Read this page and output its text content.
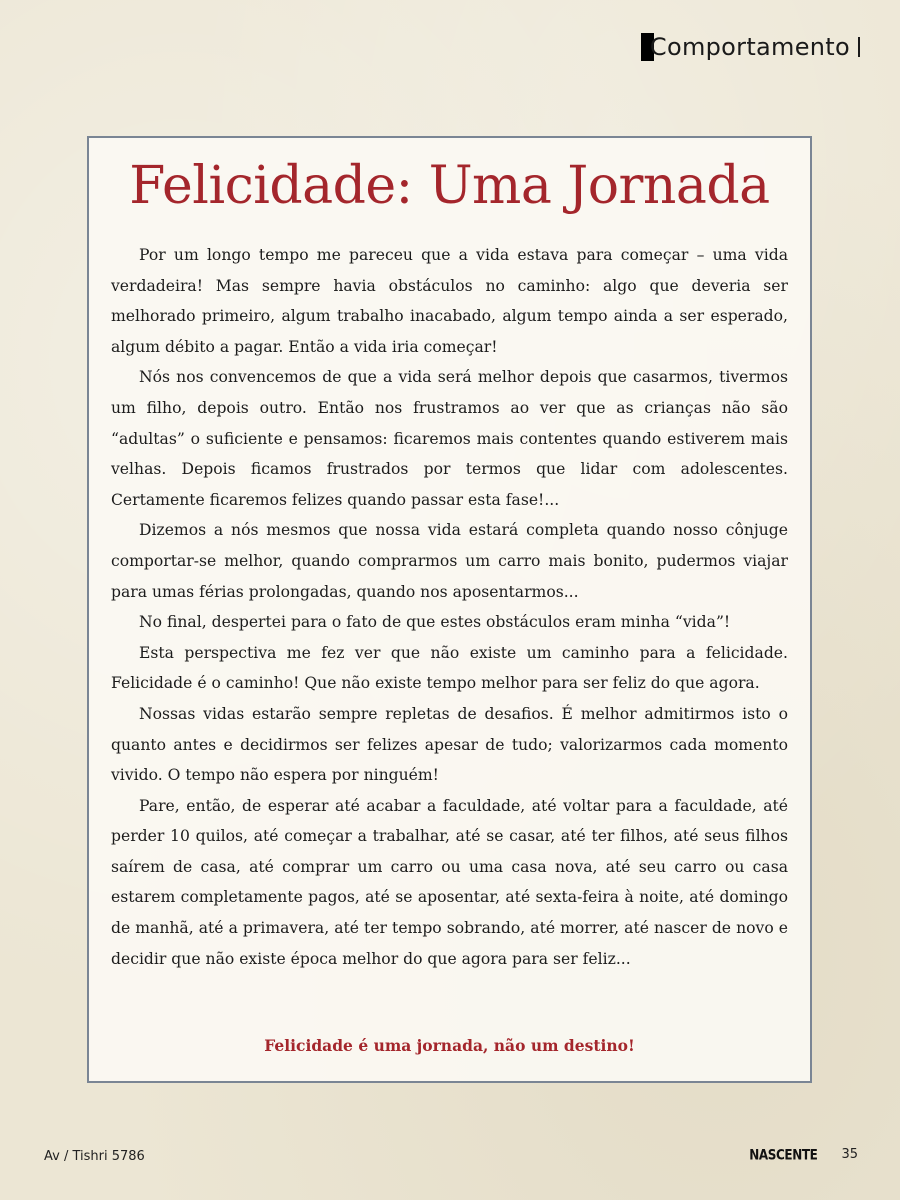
Comportamento
Felicidade: Uma Jornada

Por um longo tempo me pareceu que a vida estava para começar – uma vida verdadeira! Mas sempre havia obstáculos no caminho: algo que deveria ser melhorado primeiro, algum trabalho inacabado, algum tempo ainda a ser esperado, algum débito a pagar. Então a vida iria começar!

Nós nos convencemos de que a vida será melhor depois que casarmos, tivermos um filho, depois outro. Então nos frustramos ao ver que as crianças não são “adultas” o suficiente e pensamos: ficaremos mais contentes quando estiverem mais velhas. Depois ficamos frustrados por termos que lidar com adolescentes. Certamente ficaremos felizes quando passar esta fase!...

Dizemos a nós mesmos que nossa vida estará completa quando nosso cônjuge comportar-se melhor, quando comprarmos um carro mais bonito, pudermos viajar para umas férias prolongadas, quando nos aposentarmos...

No final, despertei para o fato de que estes obstáculos eram minha “vida”!

Esta perspectiva me fez ver que não existe um caminho para a felicidade. Felicidade é o caminho! Que não existe tempo melhor para ser feliz do que agora.

Nossas vidas estarão sempre repletas de desafios. É melhor admitirmos isto o quanto antes e decidirmos ser felizes apesar de tudo; valorizarmos cada momento vivido. O tempo não espera por ninguém!

Pare, então, de esperar até acabar a faculdade, até voltar para a faculdade, até perder 10 quilos, até começar a trabalhar, até se casar, até ter filhos, até seus filhos saírem de casa, até comprar um carro ou uma casa nova, até seu carro ou casa estarem completamente pagos, até se aposentar, até sexta-feira à noite, até domingo de manhã, até a primavera, até ter tempo sobrando, até morrer, até nascer de novo e decidir que não existe época melhor do que agora para ser feliz...

Felicidade é uma jornada, não um destino!
Av / Tishri 5786	NASCENTE 35
